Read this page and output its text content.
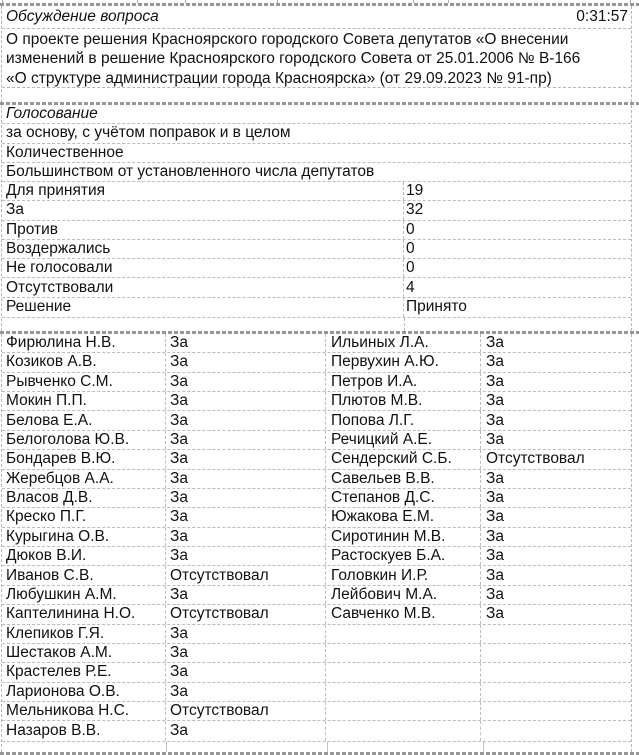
Обсуждение вопроса	0:31:57
О проекте решения Красноярского городского Совета депутатов «О внесении
изменений в решение Красноярского городского Совета от 25.01.2006 № В-166
«О структуре администрации города Красноярска» (от 29.09.2023 № 91-пр)
Голосование
за основу, с учётом поправок и в целом
Количественное
Большинством от установленного числа депутатов
Для принятия	19
За	32
Против	0
Воздержались	0
Не голосовали	0
Отсутствовали	4
Решение	Принято
Фирюлина Н.В.	За	Ильиных Л.А.	За
Козиков А.В.	За	Первухин А.Ю.	За
Рывченко С.М.	За	Петров И.А.	За
Мокин П.П.	За	Плютов М.В.	За
Белова Е.А.	За	Попова Л.Г.	За
Белоголова Ю.В.	За	Речицкий А.Е.	За
Бондарев В.Ю.	За	Сендерский С.Б.	Отсутствовал
Жеребцов А.А.	За	Савельев В.В.	За
Власов Д.В.	За	Степанов Д.С.	За
Креско П.Г.	За	Южакова Е.М.	За
Курыгина О.В.	За	Сиротинин М.В.	За
Дюков В.И.	За	Растоскуев Б.А.	За
Иванов С.В.	Отсутствовал	Головкин И.Р.	За
Любушкин А.М.	За	Лейбович М.А.	За
Каптелинина Н.О.	Отсутствовал	Савченко М.В.	За
Клепиков Г.Я.	За
Шестаков А.М.	За
Крастелев Р.Е.	За
Ларионова О.В.	За
Мельникова Н.С.	Отсутствовал
Назаров В.В.	За
